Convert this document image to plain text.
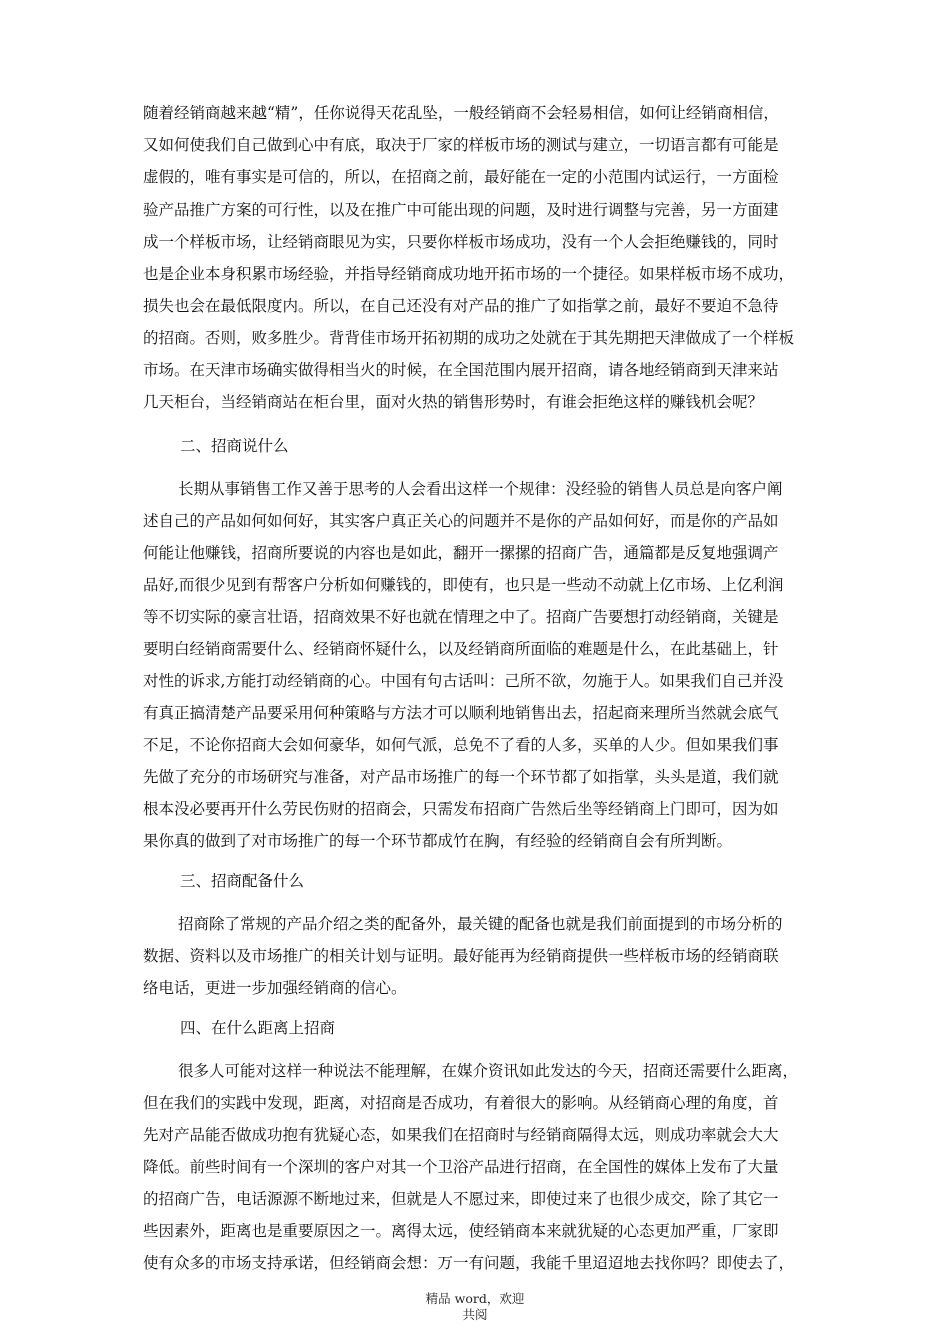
随着经销商越来越“精”，任你说得天花乱坠，一般经销商不会轻易相信，如何让经销商相信，
又如何使我们自己做到心中有底，取决于厂家的样板市场的测试与建立，一切语言都有可能是
虚假的，唯有事实是可信的，所以，在招商之前，最好能在一定的小范围内试运行，一方面检
验产品推广方案的可行性，以及在推广中可能出现的问题，及时进行调整与完善，另一方面建
成一个样板市场，让经销商眼见为实，只要你样板市场成功，没有一个人会拒绝赚钱的，同时
也是企业本身积累市场经验，并指导经销商成功地开拓市场的一个捷径。如果样板市场不成功，
损失也会在最低限度内。所以，在自己还没有对产品的推广了如指掌之前，最好不要迫不急待
的招商。否则，败多胜少。背背佳市场开拓初期的成功之处就在于其先期把天津做成了一个样板
市场。在天津市场确实做得相当火的时候，在全国范围内展开招商，请各地经销商到天津来站
几天柜台，当经销商站在柜台里，面对火热的销售形势时，有谁会拒绝这样的赚钱机会呢？
二、招商说什么
长期从事销售工作又善于思考的人会看出这样一个规律：没经验的销售人员总是向客户阐
述自己的产品如何如何好，其实客户真正关心的问题并不是你的产品如何好，而是你的产品如
何能让他赚钱，招商所要说的内容也是如此，翻开一摞摞的招商广告，通篇都是反复地强调产
品好,而很少见到有帮客户分析如何赚钱的，即使有，也只是一些动不动就上亿市场、上亿利润
等不切实际的豪言壮语，招商效果不好也就在情理之中了。招商广告要想打动经销商，关键是
要明白经销商需要什么、经销商怀疑什么，以及经销商所面临的难题是什么，在此基础上，针
对性的诉求,方能打动经销商的心。中国有句古话叫：己所不欲，勿施于人。如果我们自己并没
有真正搞清楚产品要采用何种策略与方法才可以顺利地销售出去，招起商来理所当然就会底气
不足，不论你招商大会如何豪华，如何气派，总免不了看的人多，买单的人少。但如果我们事
先做了充分的市场研究与准备，对产品市场推广的每一个环节都了如指掌，头头是道，我们就
根本没必要再开什么劳民伤财的招商会，只需发布招商广告然后坐等经销商上门即可，因为如
果你真的做到了对市场推广的每一个环节都成竹在胸，有经验的经销商自会有所判断。
三、招商配备什么
招商除了常规的产品介绍之类的配备外，最关键的配备也就是我们前面提到的市场分析的
数据、资料以及市场推广的相关计划与证明。最好能再为经销商提供一些样板市场的经销商联
络电话，更进一步加强经销商的信心。
四、在什么距离上招商
很多人可能对这样一种说法不能理解，在媒介资讯如此发达的今天，招商还需要什么距离，
但在我们的实践中发现，距离，对招商是否成功，有着很大的影响。从经销商心理的角度，首
先对产品能否做成功抱有犹疑心态，如果我们在招商时与经销商隔得太远，则成功率就会大大
降低。前些时间有一个深圳的客户对其一个卫浴产品进行招商，在全国性的媒体上发布了大量
的招商广告，电话源源不断地过来，但就是人不愿过来，即使过来了也很少成交，除了其它一
些因素外，距离也是重要原因之一。离得太远，使经销商本来就犹疑的心态更加严重，厂家即
使有众多的市场支持承诺，但经销商会想：万一有问题，我能千里迢迢地去找你吗？即使去了，
精品 word，欢迎
共阅
